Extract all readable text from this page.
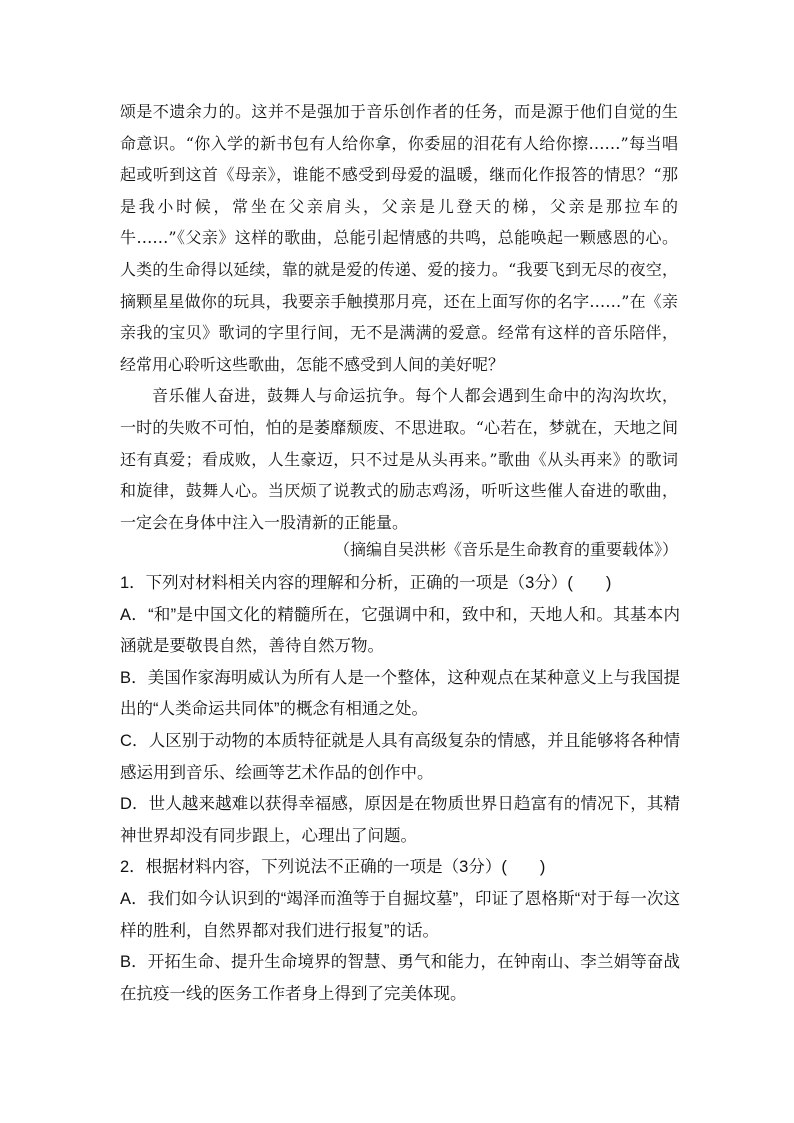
颂是不遗余力的。这并不是强加于音乐创作者的任务，而是源于他们自觉的生命意识。“你入学的新书包有人给你拿，你委屈的泪花有人给你擦……”每当唱起或听到这首《母亲》，谁能不感受到母爱的温暖，继而化作报答的情思？“那是我小时候，常坐在父亲肩头，父亲是儿登天的梯，父亲是那拉车的牛……”《父亲》这样的歌曲，总能引起情感的共鸣，总能唤起一颗感恩的心。人类的生命得以延续，靠的就是爱的传递、爱的接力。“我要飞到无尽的夜空，摘颗星星做你的玩具，我要亲手触摸那月亮，还在上面写你的名字……”在《亲亲我的宝贝》歌词的字里行间，无不是满满的爱意。经常有这样的音乐陪伴，经常用心聆听这些歌曲，怎能不感受到人间的美好呢？

音乐催人奋进，鼓舞人与命运抗争。每个人都会遇到生命中的沟沟坎坎，一时的失败不可怕，怕的是萎靡颓废、不思进取。“心若在，梦就在，天地之间还有真爱；看成败，人生豪迈，只不过是从头再来。”歌曲《从头再来》的歌词和旋律，鼓舞人心。当厌烦了说教式的励志鸡汤，听听这些催人奋进的歌曲，一定会在身体中注入一股清新的正能量。

（摘编自吴洪彬《音乐是生命教育的重要载体》）

1．下列对材料相关内容的理解和分析，正确的一项是（3分）(　　)

A．“和”是中国文化的精髓所在，它强调中和，致中和，天地人和。其基本内涵就是要敬畏自然，善待自然万物。

B．美国作家海明威认为所有人是一个整体，这种观点在某种意义上与我国提出的“人类命运共同体”的概念有相通之处。

C．人区别于动物的本质特征就是人具有高级复杂的情感，并且能够将各种情感运用到音乐、绘画等艺术作品的创作中。

D．世人越来越难以获得幸福感，原因是在物质世界日趋富有的情况下，其精神世界却没有同步跟上，心理出了问题。

2．根据材料内容，下列说法不正确的一项是（3分）(　　)

A．我们如今认识到的“竭泽而渔等于自掘坟墓”，印证了恩格斯“对于每一次这样的胜利，自然界都对我们进行报复”的话。

B．开拓生命、提升生命境界的智慧、勇气和能力，在钟南山、李兰娟等奋战在抗疫一线的医务工作者身上得到了完美体现。
